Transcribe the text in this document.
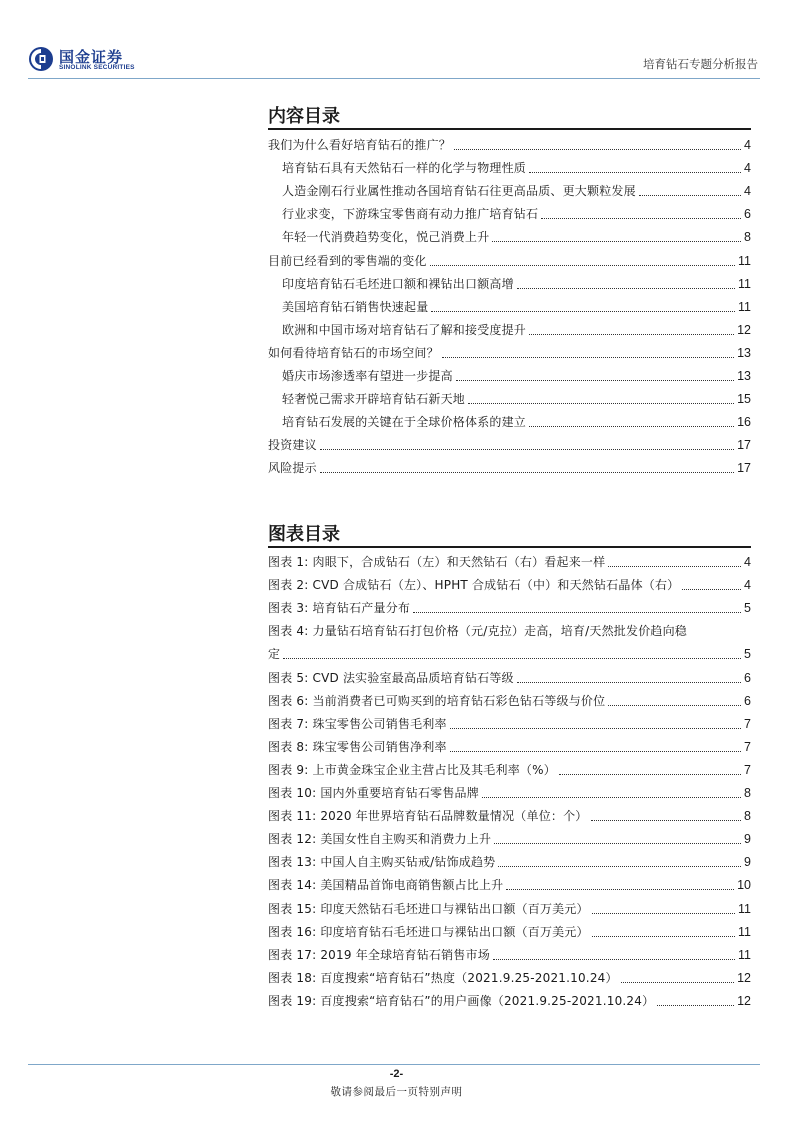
国金证券
SINOLINK SECURITIES	培育钻石专题分析报告
内容目录
我们为什么看好培育钻石的推广？	4
培育钻石具有天然钻石一样的化学与物理性质	4
人造金刚石行业属性推动各国培育钻石往更高品质、更大颗粒发展	4
行业求变，下游珠宝零售商有动力推广培育钻石	6
年轻一代消费趋势变化，悦己消费上升	8
目前已经看到的零售端的变化	11
印度培育钻石毛坯进口额和裸钻出口额高增	11
美国培育钻石销售快速起量	11
欧洲和中国市场对培育钻石了解和接受度提升	12
如何看待培育钻石的市场空间？	13
婚庆市场渗透率有望进一步提高	13
轻奢悦己需求开辟培育钻石新天地	15
培育钻石发展的关键在于全球价格体系的建立	16
投资建议	17
风险提示	17
图表目录
图表 1: 肉眼下，合成钻石（左）和天然钻石（右）看起来一样	4
图表 2: CVD 合成钻石（左）、HPHT 合成钻石（中）和天然钻石晶体（右）	4
图表 3: 培育钻石产量分布	5
图表 4: 力量钻石培育钻石打包价格（元/克拉）走高，培育/天然批发价趋向稳
定	5
图表 5: CVD 法实验室最高品质培育钻石等级	6
图表 6: 当前消费者已可购买到的培育钻石彩色钻石等级与价位	6
图表 7: 珠宝零售公司销售毛利率	7
图表 8: 珠宝零售公司销售净利率	7
图表 9: 上市黄金珠宝企业主营占比及其毛利率（%）	7
图表 10: 国内外重要培育钻石零售品牌	8
图表 11: 2020 年世界培育钻石品牌数量情况（单位：个）	8
图表 12: 美国女性自主购买和消费力上升	9
图表 13: 中国人自主购买钻戒/钻饰成趋势	9
图表 14: 美国精品首饰电商销售额占比上升	10
图表 15: 印度天然钻石毛坯进口与裸钻出口额（百万美元）	11
图表 16: 印度培育钻石毛坯进口与裸钻出口额（百万美元）	11
图表 17: 2019 年全球培育钻石销售市场	11
图表 18: 百度搜索“培育钻石”热度（2021.9.25-2021.10.24）	12
图表 19: 百度搜索“培育钻石”的用户画像（2021.9.25-2021.10.24）	12
-2-
敬请参阅最后一页特别声明
